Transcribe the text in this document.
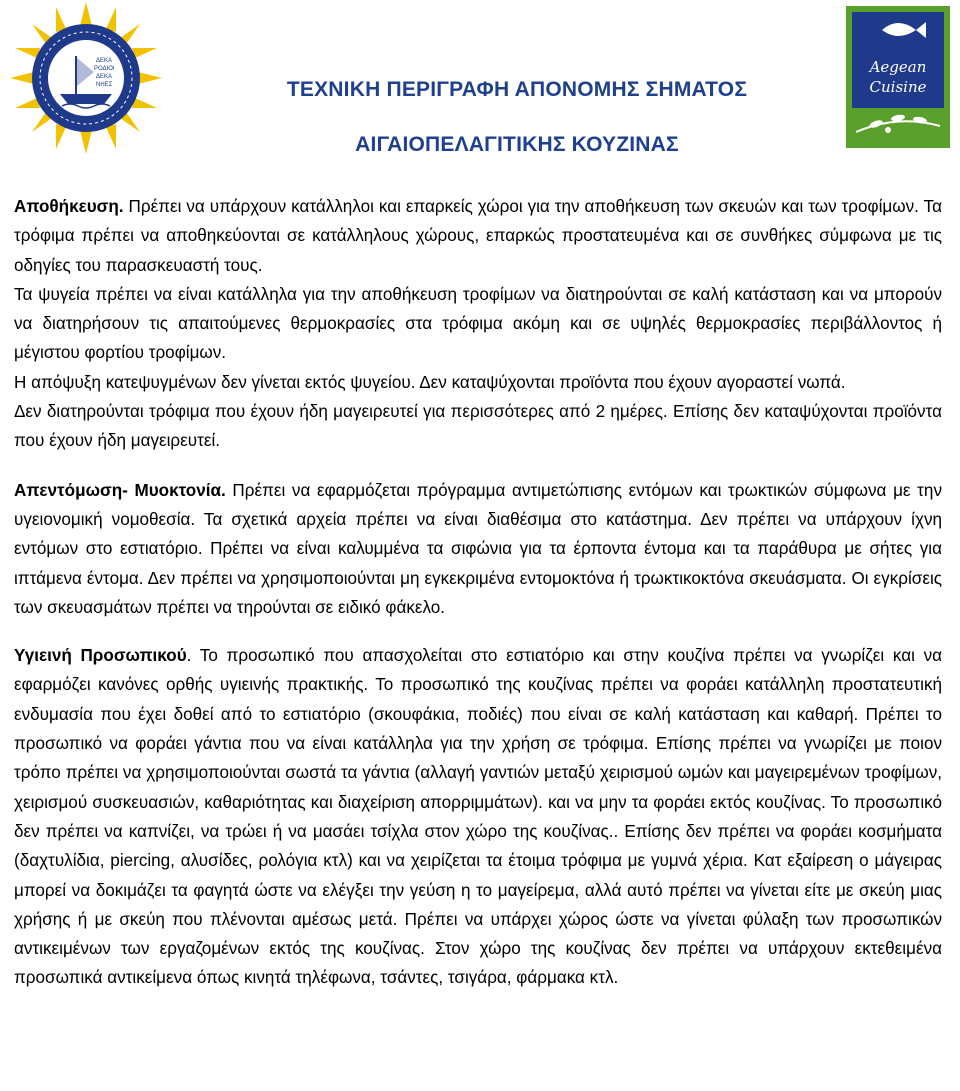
ΔΕΚΑ
ΡΟΔΙΟΙ
ΔΕΚΑ
ΝΗΕΣ	ΤΕΧΝΙΚΗ ΠΕΡΙΓΡΑΦΗ ΑΠΟΝΟΜΗΣ ΣΗΜΑΤΟΣ
ΑΙΓΑΙΟΠΕΛΑΓΙΤΙΚΗΣ ΚΟΥΖΙΝΑΣ
Aegean
Cuisine

Αποθήκευση. Πρέπει να υπάρχουν κατάλληλοι και επαρκείς χώροι για την αποθήκευση των σκευών και των τροφίμων. Τα τρόφιμα πρέπει να αποθηκεύονται σε κατάλληλους χώρους, επαρκώς προστατευμένα και σε συνθήκες σύμφωνα με τις οδηγίες του παρασκευαστή τους.

Τα ψυγεία πρέπει να είναι κατάλληλα για την αποθήκευση τροφίμων να διατηρούνται σε καλή κατάσταση και να μπορούν να διατηρήσουν τις απαιτούμενες θερμοκρασίες στα τρόφιμα ακόμη και σε υψηλές θερμοκρασίες περιβάλλοντος ή μέγιστου φορτίου τροφίμων.

Η απόψυξη κατεψυγμένων δεν γίνεται εκτός ψυγείου. Δεν καταψύχονται προϊόντα που έχουν αγοραστεί νωπά.

Δεν διατηρούνται τρόφιμα που έχουν ήδη μαγειρευτεί για περισσότερες από 2 ημέρες. Επίσης δεν καταψύχονται προϊόντα που έχουν ήδη μαγειρευτεί.

Απεντόμωση- Μυοκτονία. Πρέπει να εφαρμόζεται πρόγραμμα αντιμετώπισης εντόμων και τρωκτικών σύμφωνα με την υγειονομική νομοθεσία. Τα σχετικά αρχεία πρέπει να είναι διαθέσιμα στο κατάστημα. Δεν πρέπει να υπάρχουν ίχνη εντόμων στο εστιατόριο. Πρέπει να είναι καλυμμένα τα σιφώνια για τα έρποντα έντομα και τα παράθυρα με σήτες για ιπτάμενα έντομα. Δεν πρέπει να χρησιμοποιούνται μη εγκεκριμένα εντομοκτόνα ή τρωκτικοκτόνα σκευάσματα. Οι εγκρίσεις των σκευασμάτων πρέπει να τηρούνται σε ειδικό φάκελο.

Υγιεινή Προσωπικού. Το προσωπικό που απασχολείται στο εστιατόριο και στην κουζίνα πρέπει να γνωρίζει και να εφαρμόζει κανόνες ορθής υγιεινής πρακτικής. Το προσωπικό της κουζίνας πρέπει να φοράει κατάλληλη προστατευτική ενδυμασία που έχει δοθεί από το εστιατόριο (σκουφάκια, ποδιές) που είναι σε καλή κατάσταση και καθαρή. Πρέπει το προσωπικό να φοράει γάντια που να είναι κατάλληλα για την χρήση σε τρόφιμα. Επίσης πρέπει να γνωρίζει με ποιον τρόπο πρέπει να χρησιμοποιούνται σωστά τα γάντια (αλλαγή γαντιών μεταξύ χειρισμού ωμών και μαγειρεμένων τροφίμων, χειρισμού συσκευασιών, καθαριότητας και διαχείριση απορριμμάτων). και να μην τα φοράει εκτός κουζίνας. Το προσωπικό δεν πρέπει να καπνίζει, να τρώει ή να μασάει τσίχλα στον χώρο της κουζίνας.. Επίσης δεν πρέπει να φοράει κοσμήματα (δαχτυλίδια, piercing, αλυσίδες, ρολόγια κτλ) και να χειρίζεται τα έτοιμα τρόφιμα με γυμνά χέρια. Κατ εξαίρεση ο μάγειρας μπορεί να δοκιμάζει τα φαγητά ώστε να ελέγξει την γεύση η το μαγείρεμα, αλλά αυτό πρέπει να γίνεται είτε με σκεύη μιας χρήσης ή με σκεύη που πλένονται αμέσως μετά. Πρέπει να υπάρχει χώρος ώστε να γίνεται φύλαξη των προσωπικών αντικειμένων των εργαζομένων εκτός της κουζίνας. Στον χώρο της κουζίνας δεν πρέπει να υπάρχουν εκτεθειμένα προσωπικά αντικείμενα όπως κινητά τηλέφωνα, τσάντες, τσιγάρα, φάρμακα κτλ.
